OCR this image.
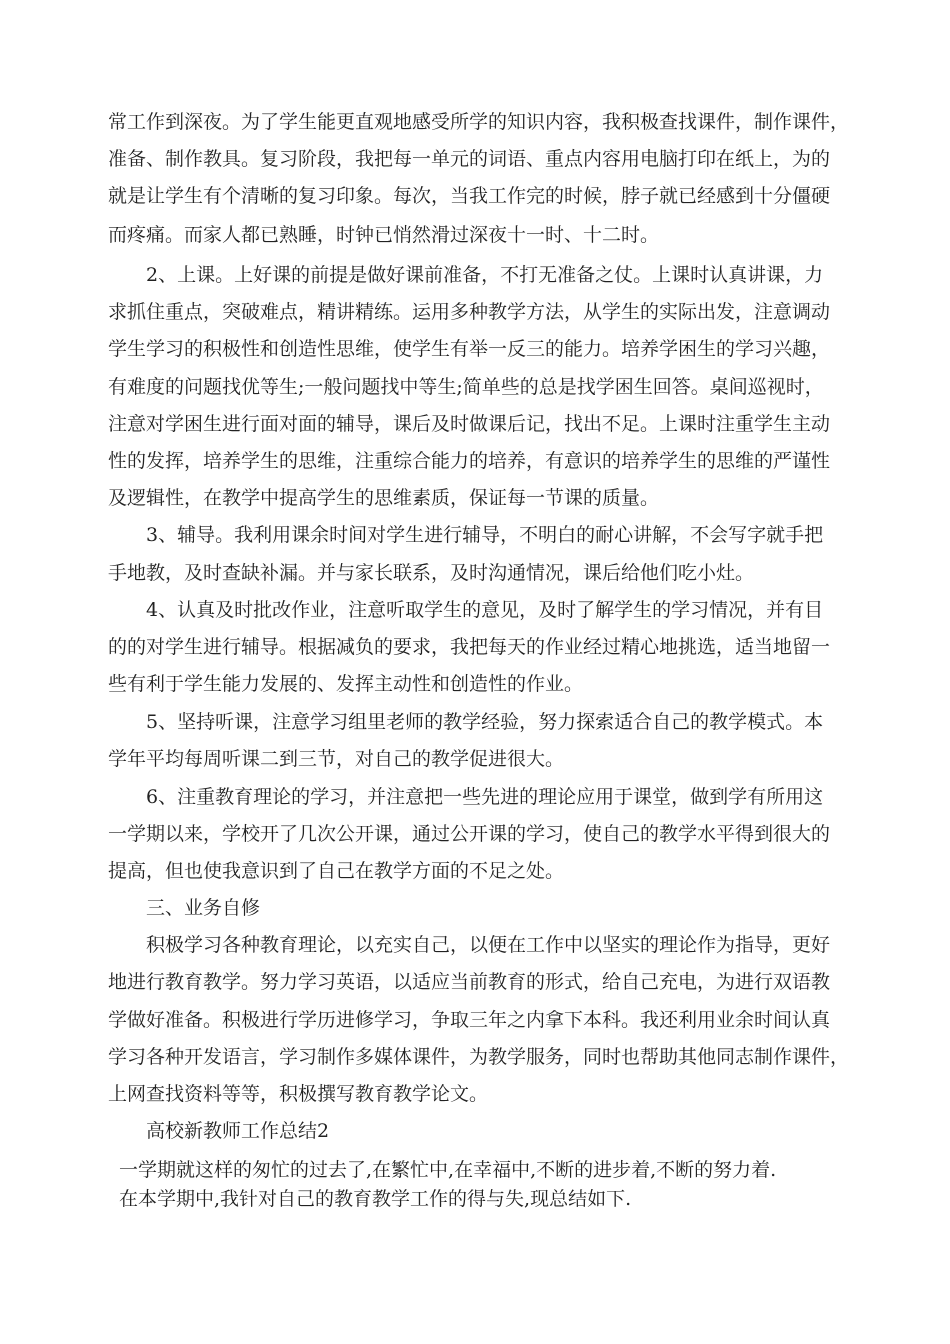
常工作到深夜。为了学生能更直观地感受所学的知识内容，我积极查找课件，制作课件，
准备、制作教具。复习阶段，我把每一单元的词语、重点内容用电脑打印在纸上，为的
就是让学生有个清晰的复习印象。每次，当我工作完的时候，脖子就已经感到十分僵硬
而疼痛。而家人都已熟睡，时钟已悄然滑过深夜十一时、十二时。
2、上课。上好课的前提是做好课前准备，不打无准备之仗。上课时认真讲课，力
求抓住重点，突破难点，精讲精练。运用多种教学方法，从学生的实际出发，注意调动
学生学习的积极性和创造性思维，使学生有举一反三的能力。培养学困生的学习兴趣，
有难度的问题找优等生;一般问题找中等生;简单些的总是找学困生回答。桌间巡视时，
注意对学困生进行面对面的辅导，课后及时做课后记，找出不足。上课时注重学生主动
性的发挥，培养学生的思维，注重综合能力的培养，有意识的培养学生的思维的严谨性
及逻辑性，在教学中提高学生的思维素质，保证每一节课的质量。
3、辅导。我利用课余时间对学生进行辅导，不明白的耐心讲解，不会写字就手把
手地教，及时查缺补漏。并与家长联系，及时沟通情况，课后给他们吃小灶。
4、认真及时批改作业，注意听取学生的意见，及时了解学生的学习情况，并有目
的的对学生进行辅导。根据减负的要求，我把每天的作业经过精心地挑选，适当地留一
些有利于学生能力发展的、发挥主动性和创造性的作业。
5、坚持听课，注意学习组里老师的教学经验，努力探索适合自己的教学模式。本
学年平均每周听课二到三节，对自己的教学促进很大。
6、注重教育理论的学习，并注意把一些先进的理论应用于课堂，做到学有所用这
一学期以来，学校开了几次公开课，通过公开课的学习，使自己的教学水平得到很大的
提高，但也使我意识到了自己在教学方面的不足之处。
三、业务自修
积极学习各种教育理论，以充实自己，以便在工作中以坚实的理论作为指导，更好
地进行教育教学。努力学习英语，以适应当前教育的形式，给自己充电，为进行双语教
学做好准备。积极进行学历进修学习，争取三年之内拿下本科。我还利用业余时间认真
学习各种开发语言，学习制作多媒体课件，为教学服务，同时也帮助其他同志制作课件，
上网查找资料等等，积极撰写教育教学论文。
高校新教师工作总结2
一学期就这样的匆忙的过去了,在繁忙中,在幸福中,不断的进步着,不断的努力着.
在本学期中,我针对自己的教育教学工作的得与失,现总结如下.
